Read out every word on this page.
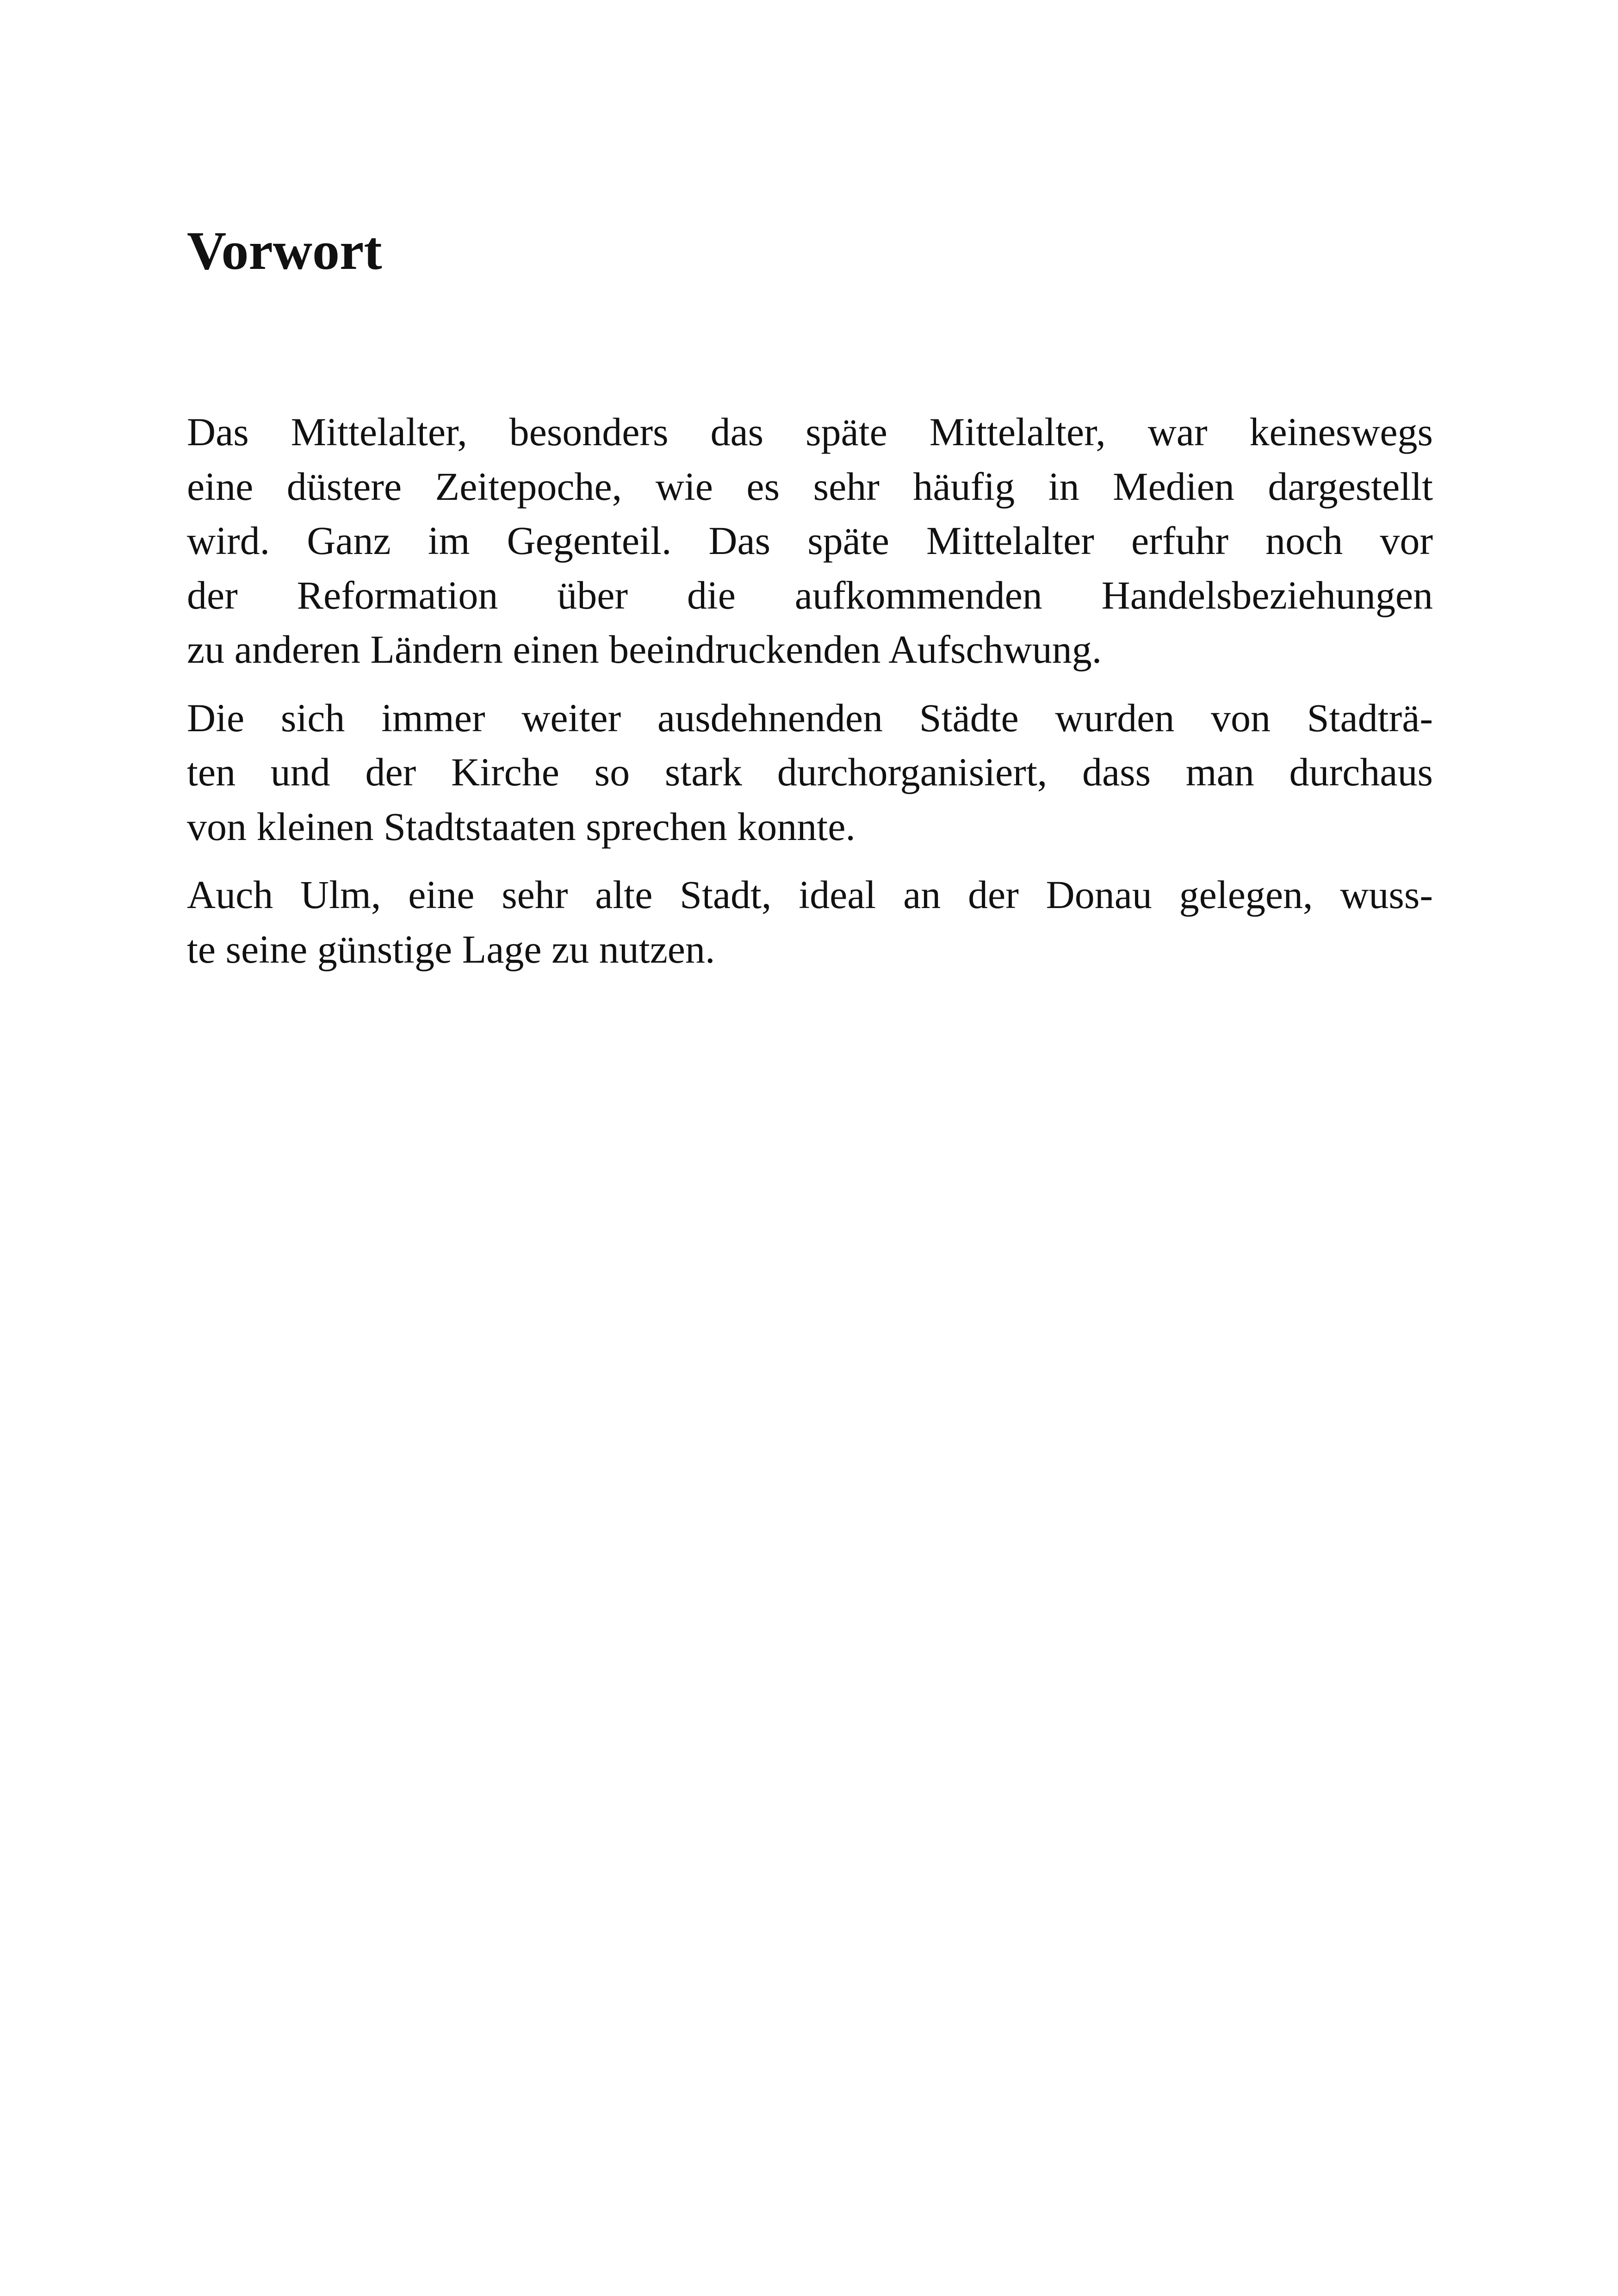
Vorwort

Das Mittelalter, besonders das späte Mittelalter, war keineswegs
eine düstere Zeitepoche, wie es sehr häufig in Medien dargestellt
wird. Ganz im Gegenteil. Das späte Mittelalter erfuhr noch vor
der Reformation über die aufkommenden Handelsbeziehungen
zu anderen Ländern einen beeindruckenden Aufschwung.

Die sich immer weiter ausdehnenden Städte wurden von Stadträ-
ten und der Kirche so stark durchorganisiert, dass man durchaus
von kleinen Stadtstaaten sprechen konnte.

Auch Ulm, eine sehr alte Stadt, ideal an der Donau gelegen, wuss-
te seine günstige Lage zu nutzen.
